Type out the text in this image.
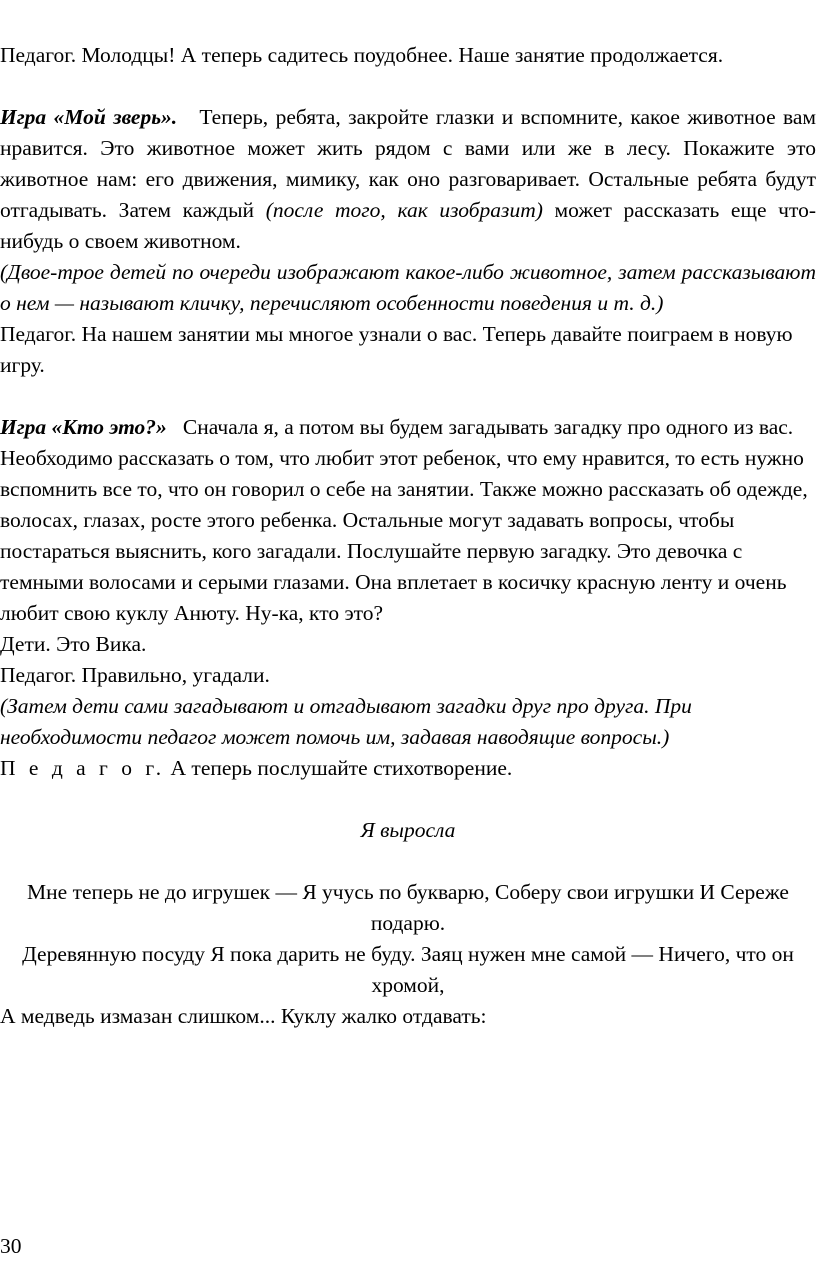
Педагог. Молодцы! А теперь садитесь поудобнее. Наше занятие продолжается.

Игра «Мой зверь». Теперь, ребята, закройте глазки и вспомните, какое животное вам нравится. Это животное может жить рядом с вами или же в лесу. Покажите это животное нам: его движения, мимику, как оно разговаривает. Остальные ребята будут отгадывать. Затем каждый (после того, как изобразит) может рассказать еще что-нибудь о своем животном.

(Двое-трое детей по очереди изображают какое-либо животное, затем рассказывают о нем — называют кличку, перечисляют особенности поведения и т. д.)

Педагог. На нашем занятии мы многое узнали о вас. Теперь давайте поиграем в новую игру.

Игра «Кто это?» Сначала я, а потом вы будем загадывать загадку про одного из вас. Необходимо рассказать о том, что любит этот ребенок, что ему нравится, то есть нужно вспомнить все то, что он говорил о себе на занятии. Также можно рассказать об одежде, волосах, глазах, росте этого ребенка. Остальные могут задавать вопросы, чтобы постараться выяснить, кого загадали. Послушайте первую загадку. Это девочка с темными волосами и серыми глазами. Она вплетает в косичку красную ленту и очень любит свою куклу Анюту. Ну-ка, кто это?

Дети. Это Вика.

Педагог. Правильно, угадали.

(Затем дети сами загадывают и отгадывают загадки друг про друга. При необходимости педагог может помочь им, задавая наводящие вопросы.)

П е д а г о г. А теперь послушайте стихотворение.

Я выросла

Мне теперь не до игрушек — Я учусь по букварю, Соберу свои игрушки И Сереже подарю.

Деревянную посуду Я пока дарить не буду. Заяц нужен мне самой — Ничего, что он хромой,

А медведь измазан слишком... Куклу жалко отдавать:

30
